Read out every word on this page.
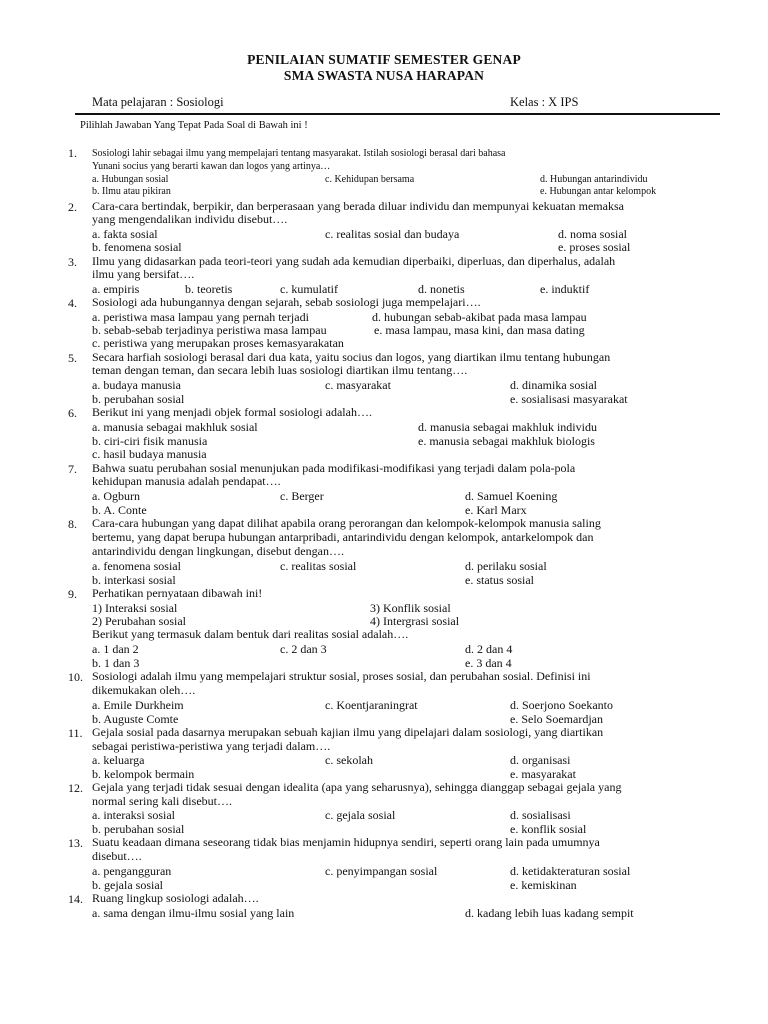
PENILAIAN SUMATIF SEMESTER GENAP
SMA SWASTA NUSA HARAPAN
Mata pelajaran : Sosiologi	Kelas : X IPS
Pilihlah Jawaban Yang Tepat Pada Soal di Bawah ini !
1. Sosiologi lahir sebagai ilmu yang mempelajari tentang masyarakat. Istilah sosiologi berasal dari bahasa
Yunani socius yang berarti kawan dan logos yang artinya…
a. Hubungan sosial	c. Kehidupan bersama	d. Hubungan antarindividu
b. Ilmu atau pikiran	e. Hubungan antar kelompok
2. Cara-cara bertindak, berpikir, dan berperasaan yang berada diluar individu dan mempunyai kekuatan memaksa
yang mengendalikan individu disebut….
a. fakta sosial	c. realitas sosial dan budaya	d. noma sosial
b. fenomena sosial	e. proses sosial
3. Ilmu yang didasarkan pada teori-teori yang sudah ada kemudian diperbaiki, diperluas, dan diperhalus, adalah
ilmu yang bersifat….
a. empiris	b. teoretis	c. kumulatif	d. nonetis	e. induktif
4. Sosiologi ada hubungannya dengan sejarah, sebab sosiologi juga mempelajari….
a. peristiwa masa lampau yang pernah terjadi	d. hubungan sebab-akibat pada masa lampau
b. sebab-sebab terjadinya peristiwa masa lampau	e. masa lampau, masa kini, dan masa dating
c. peristiwa yang merupakan proses kemasyarakatan
5. Secara harfiah sosiologi berasal dari dua kata, yaitu socius dan logos, yang diartikan ilmu tentang hubungan
teman dengan teman, dan secara lebih luas sosiologi diartikan ilmu tentang….
a. budaya manusia	c. masyarakat	d. dinamika sosial
b. perubahan sosial	e. sosialisasi masyarakat
6. Berikut ini yang menjadi objek formal sosiologi adalah….
a. manusia sebagai makhluk sosial	d. manusia sebagai makhluk individu
b. ciri-ciri fisik manusia	e. manusia sebagai makhluk biologis
c. hasil budaya manusia
7. Bahwa suatu perubahan sosial menunjukan pada modifikasi-modifikasi yang terjadi dalam pola-pola
kehidupan manusia adalah pendapat….
a. Ogburn	c. Berger	d. Samuel Koening
b. A. Conte	e. Karl Marx
8. Cara-cara hubungan yang dapat dilihat apabila orang perorangan dan kelompok-kelompok manusia saling
bertemu, yang dapat berupa hubungan antarpribadi, antarindividu dengan kelompok, antarkelompok dan
antarindividu dengan lingkungan, disebut dengan….
a. fenomena sosial	c. realitas sosial	d. perilaku sosial
b. interkasi sosial	e. status sosial
9. Perhatikan pernyataan dibawah ini!
1) Interaksi sosial	3) Konflik sosial
2) Perubahan sosial	4) Intergrasi sosial
Berikut yang termasuk dalam bentuk dari realitas sosial adalah….
a. 1 dan 2	c. 2 dan 3	d. 2 dan 4
b. 1 dan 3	e. 3 dan 4
10. Sosiologi adalah ilmu yang mempelajari struktur sosial, proses sosial, dan perubahan sosial. Definisi ini
dikemukakan oleh….
a. Emile Durkheim	c. Koentjaraningrat	d. Soerjono Soekanto
b. Auguste Comte	e. Selo Soemardjan
11. Gejala sosial pada dasarnya merupakan sebuah kajian ilmu yang dipelajari dalam sosiologi, yang diartikan
sebagai peristiwa-peristiwa yang terjadi dalam….
a. keluarga	c. sekolah	d. organisasi
b. kelompok bermain	e. masyarakat
12. Gejala yang terjadi tidak sesuai dengan idealita (apa yang seharusnya), sehingga dianggap sebagai gejala yang
normal sering kali disebut….
a. interaksi sosial	c. gejala sosial	d. sosialisasi
b. perubahan sosial	e. konflik sosial
13. Suatu keadaan dimana seseorang tidak bias menjamin hidupnya sendiri, seperti orang lain pada umumnya
disebut….
a. pengangguran	c. penyimpangan sosial	d. ketidakteraturan sosial
b. gejala sosial	e. kemiskinan
14. Ruang lingkup sosiologi adalah….
a. sama dengan ilmu-ilmu sosial yang lain	d. kadang lebih luas kadang sempit
